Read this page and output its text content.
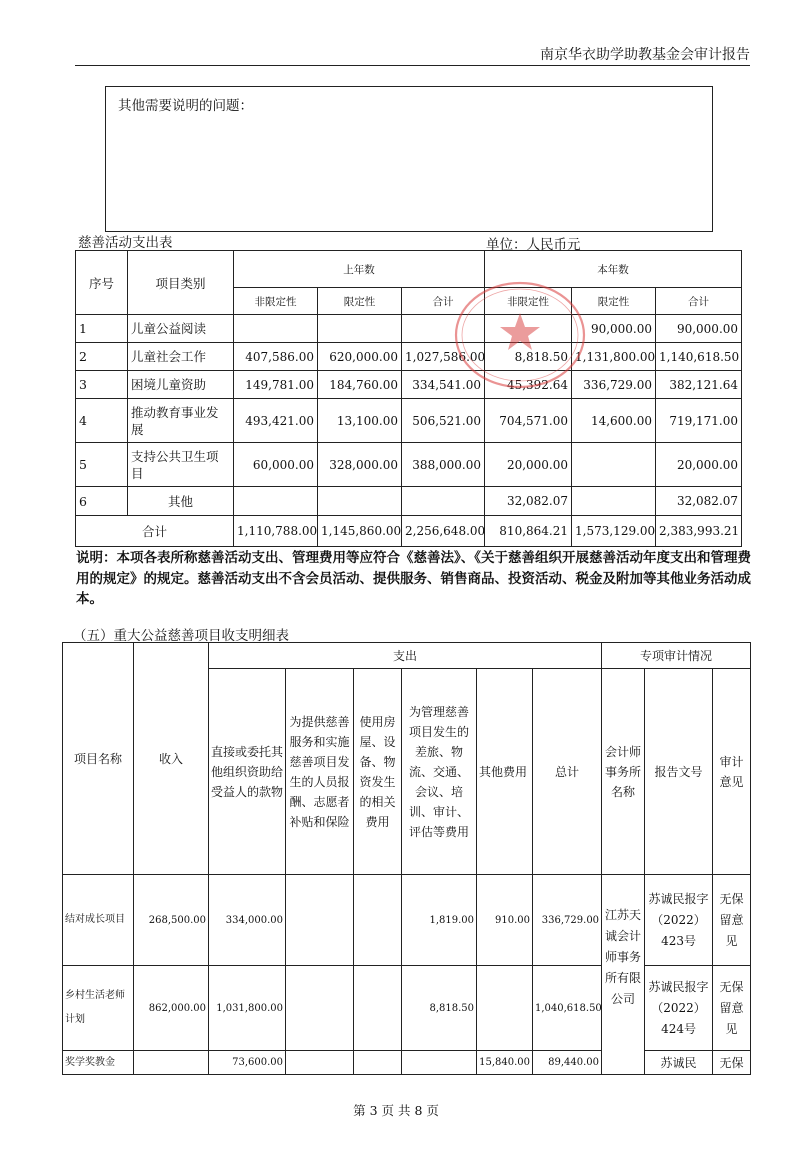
南京华衣助学助教基金会审计报告
其他需要说明的问题：
慈善活动支出表	单位：人民币元
序号	项目类别	上年数			本年数		
		非限定性	限定性	合计	非限定性	限定性	合计
1	儿童公益阅读					90,000.00	90,000.00
2	儿童社会工作	407,586.00	620,000.00	1,027,586.00	8,818.50	1,131,800.00	1,140,618.50
3	困境儿童资助	149,781.00	184,760.00	334,541.00	45,392.64	336,729.00	382,121.64
4	推动教育事业发展	493,421.00	13,100.00	506,521.00	704,571.00	14,600.00	719,171.00
5	支持公共卫生项目	60,000.00	328,000.00	388,000.00	20,000.00		20,000.00
6	其他				32,082.07		32,082.07
合计		1,110,788.00	1,145,860.00	2,256,648.00	810,864.21	1,573,129.00	2,383,993.21
说明：本项各表所称慈善活动支出、管理费用等应符合《慈善法》、《关于慈善组织开展慈善活动年度支出和管理费用的规定》的规定。慈善活动支出不含会员活动、提供服务、销售商品、投资活动、税金及附加等其他业务活动成本。
（五）重大公益慈善项目收支明细表
项目名称	收入	支出						专项审计情况		
		直接或委托其他组织资助给受益人的款物	为提供慈善服务和实施慈善项目发生的人员报酬、志愿者补贴和保险	使用房屋、设备、物资发生的相关费用	为管理慈善项目发生的差旅、物流、交通、会议、培训、审计、评估等费用	其他费用	总计	会计师事务所名称	报告文号	审计意见
结对成长项目	268,500.00	334,000.00			1,819.00	910.00	336,729.00	江苏天诚会计师事务所有限公司	苏诚民报字（2022）423号	无保留意见
乡村生活老师计划	862,000.00	1,031,800.00			8,818.50		1,040,618.50		苏诚民报字（2022）424号	无保留意见
奖学奖教金		73,600.00				15,840.00	89,440.00		苏诚民	无保
第 3 页 共 8 页
